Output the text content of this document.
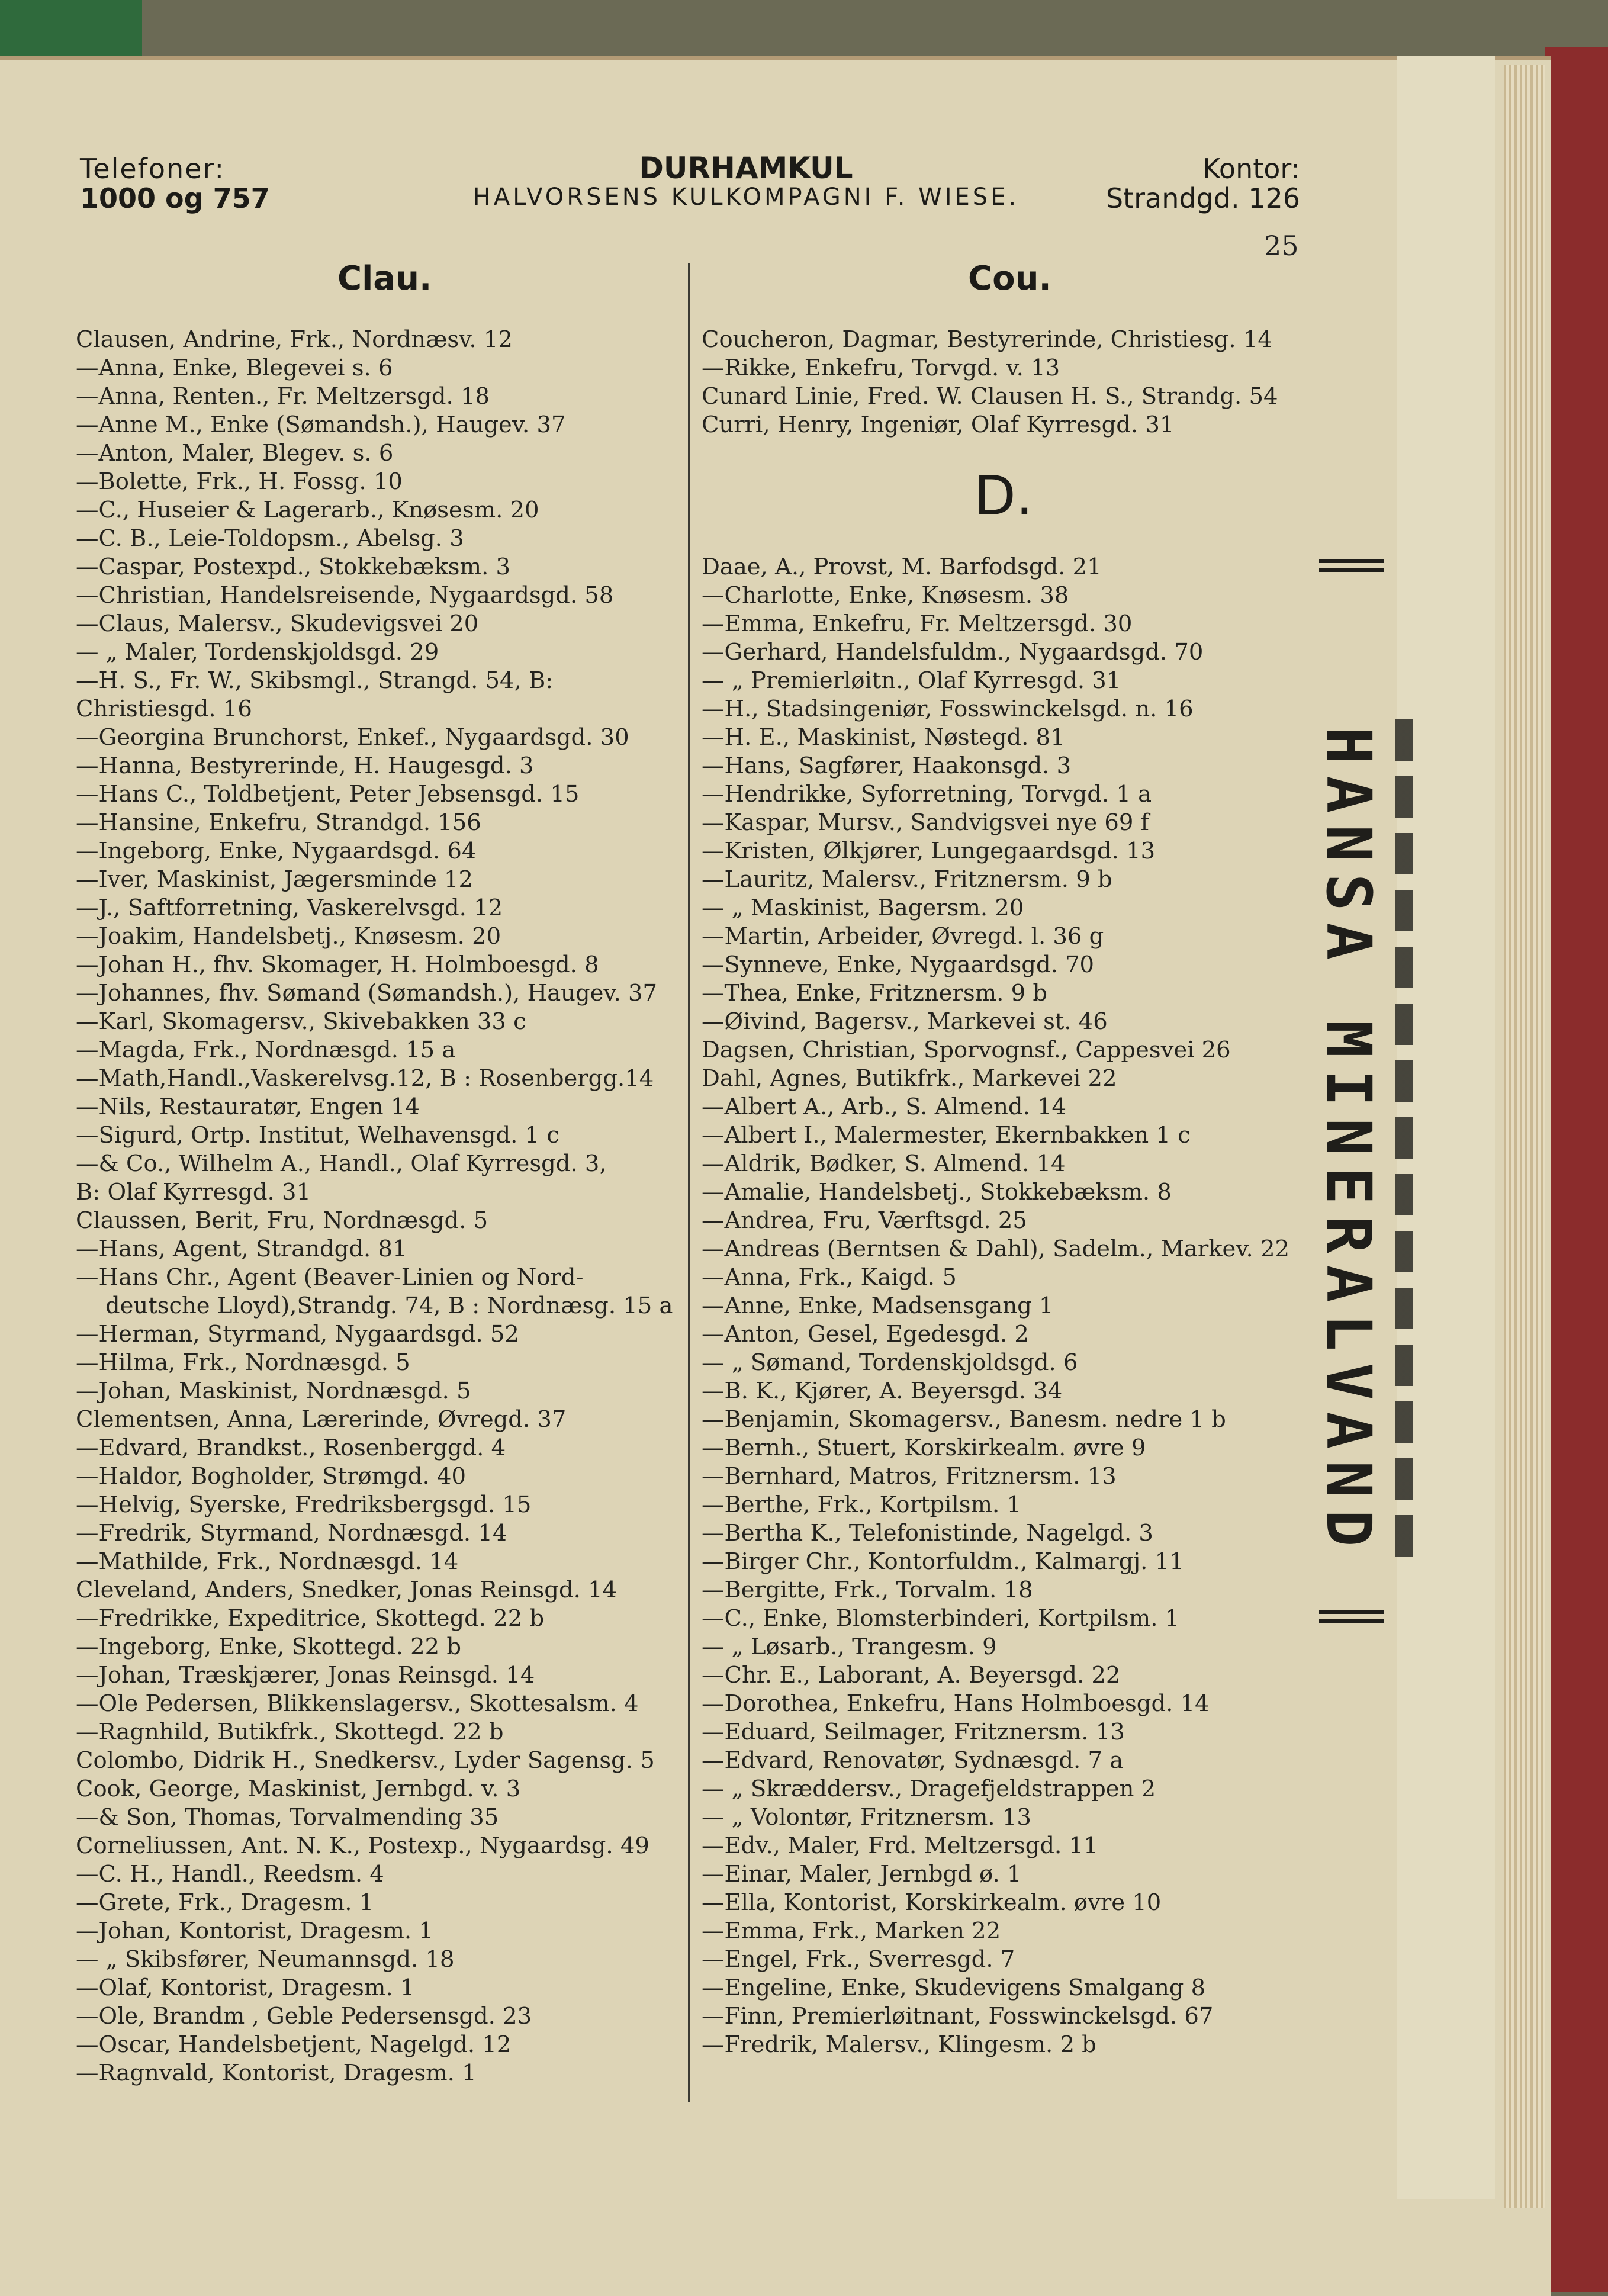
Telefoner:
1000 og 757
DURHAMKUL
HALVORSENS KULKOMPAGNI F. WIESE.
Kontor:
Strandgd. 126
25
Clau.	Cou.
Clausen, Andrine, Frk., Nordnæsv. 12
—Anna, Enke, Blegevei s. 6
—Anna, Renten., Fr. Meltzersgd. 18
—Anne M., Enke (Sømandsh.), Haugev. 37
—Anton, Maler, Blegev. s. 6
—Bolette, Frk., H. Fossg. 10
—C., Huseier & Lagerarb., Knøsesm. 20
—C. B., Leie-Toldopsm., Abelsg. 3
—Caspar, Postexpd., Stokkebæksm. 3
—Christian, Handelsreisende, Nygaardsgd. 58
—Claus, Malersv., Skudevigsvei 20
— „ Maler, Tordenskjoldsgd. 29
—H. S., Fr. W., Skibsmgl., Strangd. 54, B:
Christiesgd. 16
—Georgina Brunchorst, Enkef., Nygaardsgd. 30
—Hanna, Bestyrerinde, H. Haugesgd. 3
—Hans C., Toldbetjent, Peter Jebsensgd. 15
—Hansine, Enkefru, Strandgd. 156
—Ingeborg, Enke, Nygaardsgd. 64
—Iver, Maskinist, Jægersminde 12
—J., Saftforretning, Vaskerelvsgd. 12
—Joakim, Handelsbetj., Knøsesm. 20
—Johan H., fhv. Skomager, H. Holmboesgd. 8
—Johannes, fhv. Sømand (Sømandsh.), Haugev. 37
—Karl, Skomagersv., Skivebakken 33 c
—Magda, Frk., Nordnæsgd. 15 a
—Math,Handl.,Vaskerelvsg.12, B : Rosenbergg.14
—Nils, Restauratør, Engen 14
—Sigurd, Ortp. Institut, Welhavensgd. 1 c
—& Co., Wilhelm A., Handl., Olaf Kyrresgd. 3,
B: Olaf Kyrresgd. 31
Claussen, Berit, Fru, Nordnæsgd. 5
—Hans, Agent, Strandgd. 81
—Hans Chr., Agent (Beaver-Linien og Nord-
deutsche Lloyd),Strandg. 74, B : Nordnæsg. 15 a
—Herman, Styrmand, Nygaardsgd. 52
—Hilma, Frk., Nordnæsgd. 5
—Johan, Maskinist, Nordnæsgd. 5
Clementsen, Anna, Lærerinde, Øvregd. 37
—Edvard, Brandkst., Rosenberggd. 4
—Haldor, Bogholder, Strømgd. 40
—Helvig, Syerske, Fredriksbergsgd. 15
—Fredrik, Styrmand, Nordnæsgd. 14
—Mathilde, Frk., Nordnæsgd. 14
Cleveland, Anders, Snedker, Jonas Reinsgd. 14
—Fredrikke, Expeditrice, Skottegd. 22 b
—Ingeborg, Enke, Skottegd. 22 b
—Johan, Træskjærer, Jonas Reinsgd. 14
—Ole Pedersen, Blikkenslagersv., Skottesalsm. 4
—Ragnhild, Butikfrk., Skottegd. 22 b
Colombo, Didrik H., Snedkersv., Lyder Sagensg. 5
Cook, George, Maskinist, Jernbgd. v. 3
—& Son, Thomas, Torvalmending 35
Corneliussen, Ant. N. K., Postexp., Nygaardsg. 49
—C. H., Handl., Reedsm. 4
—Grete, Frk., Dragesm. 1
—Johan, Kontorist, Dragesm. 1
— „ Skibsfører, Neumannsgd. 18
—Olaf, Kontorist, Dragesm. 1
—Ole, Brandm , Geble Pedersensgd. 23
—Oscar, Handelsbetjent, Nagelgd. 12
—Ragnvald, Kontorist, Dragesm. 1
Coucheron, Dagmar, Bestyrerinde, Christiesg. 14
—Rikke, Enkefru, Torvgd. v. 13
Cunard Linie, Fred. W. Clausen H. S., Strandg. 54
Curri, Henry, Ingeniør, Olaf Kyrresgd. 31
D.
Daae, A., Provst, M. Barfodsgd. 21
—Charlotte, Enke, Knøsesm. 38
—Emma, Enkefru, Fr. Meltzersgd. 30
—Gerhard, Handelsfuldm., Nygaardsgd. 70
— „ Premierløitn., Olaf Kyrresgd. 31
—H., Stadsingeniør, Fosswinckelsgd. n. 16
—H. E., Maskinist, Nøstegd. 81
—Hans, Sagfører, Haakonsgd. 3
—Hendrikke, Syforretning, Torvgd. 1 a
—Kaspar, Mursv., Sandvigsvei nye 69 f
—Kristen, Ølkjører, Lungegaardsgd. 13
—Lauritz, Malersv., Fritznersm. 9 b
— „ Maskinist, Bagersm. 20
—Martin, Arbeider, Øvregd. l. 36 g
—Synneve, Enke, Nygaardsgd. 70
—Thea, Enke, Fritznersm. 9 b
—Øivind, Bagersv., Markevei st. 46
Dagsen, Christian, Sporvognsf., Cappesvei 26
Dahl, Agnes, Butikfrk., Markevei 22
—Albert A., Arb., S. Almend. 14
—Albert I., Malermester, Ekernbakken 1 c
—Aldrik, Bødker, S. Almend. 14
—Amalie, Handelsbetj., Stokkebæksm. 8
—Andrea, Fru, Værftsgd. 25
—Andreas (Berntsen & Dahl), Sadelm., Markev. 22
—Anna, Frk., Kaigd. 5
—Anne, Enke, Madsensgang 1
—Anton, Gesel, Egedesgd. 2
— „ Sømand, Tordenskjoldsgd. 6
—B. K., Kjører, A. Beyersgd. 34
—Benjamin, Skomagersv., Banesm. nedre 1 b
—Bernh., Stuert, Korskirkealm. øvre 9
—Bernhard, Matros, Fritznersm. 13
—Berthe, Frk., Kortpilsm. 1
—Bertha K., Telefonistinde, Nagelgd. 3
—Birger Chr., Kontorfuldm., Kalmargj. 11
—Bergitte, Frk., Torvalm. 18
—C., Enke, Blomsterbinderi, Kortpilsm. 1
— „ Løsarb., Trangesm. 9
—Chr. E., Laborant, A. Beyersgd. 22
—Dorothea, Enkefru, Hans Holmboesgd. 14
—Eduard, Seilmager, Fritznersm. 13
—Edvard, Renovatør, Sydnæsgd. 7 a
— „ Skræddersv., Dragefjeldstrappen 2
— „ Volontør, Fritznersm. 13
—Edv., Maler, Frd. Meltzersgd. 11
—Einar, Maler, Jernbgd ø. 1
—Ella, Kontorist, Korskirkealm. øvre 10
—Emma, Frk., Marken 22
—Engel, Frk., Sverresgd. 7
—Engeline, Enke, Skudevigens Smalgang 8
—Finn, Premierløitnant, Fosswinckelsgd. 67
—Fredrik, Malersv., Klingesm. 2 b
HANSA MINERALVAND
